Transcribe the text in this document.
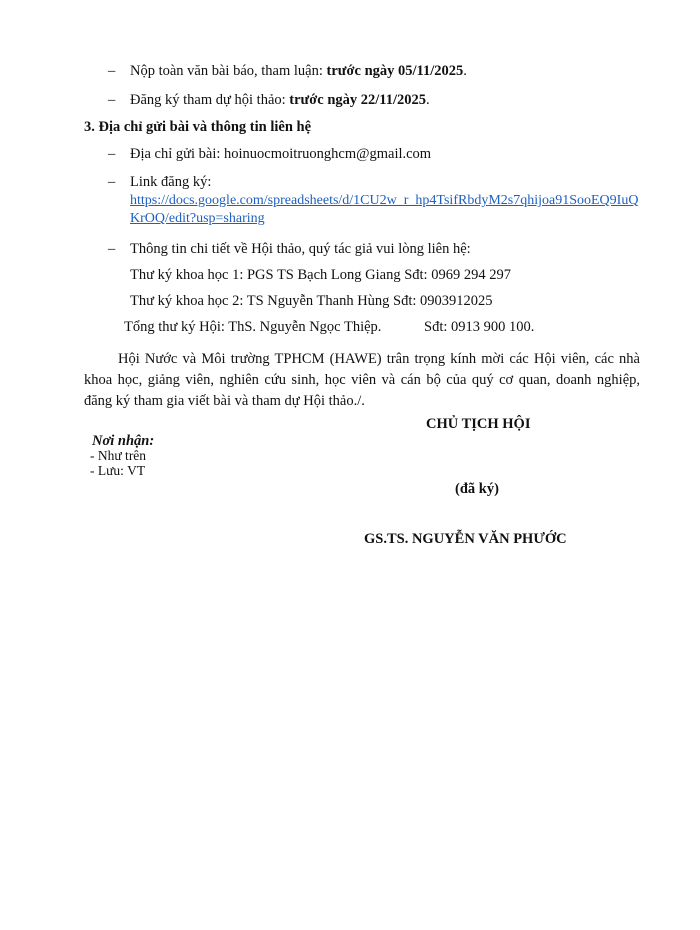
– Nộp toàn văn bài báo, tham luận: trước ngày 05/11/2025.
– Đăng ký tham dự hội thảo: trước ngày 22/11/2025.
3. Địa chỉ gửi bài và thông tin liên hệ
– Địa chỉ gửi bài: hoinuocmoitruonghcm@gmail.com
– Link đăng ký:
https://docs.google.com/spreadsheets/d/1CU2w_r_hp4TsifRbdyM2s7qhijoa91SooEQ9IuQ
KrOQ/edit?usp=sharing
– Thông tin chi tiết về Hội thảo, quý tác giả vui lòng liên hệ:
Thư ký khoa học 1: PGS TS Bạch Long Giang Sđt: 0969 294 297
Thư ký khoa học 2: TS Nguyễn Thanh Hùng Sđt: 0903912025
Tổng thư ký Hội: ThS. Nguyễn Ngọc Thiệp.	Sđt: 0913 900 100.
Hội Nước và Môi trường TPHCM (HAWE) trân trọng kính mời các Hội viên, các nhà khoa học, giảng viên, nghiên cứu sinh, học viên và cán bộ của quý cơ quan, doanh nghiệp, đăng ký tham gia viết bài và tham dự Hội thảo./.
CHỦ TỊCH HỘI
Nơi nhận:
- Như trên
- Lưu: VT
(đã ký)
GS.TS. NGUYỄN VĂN PHƯỚC
